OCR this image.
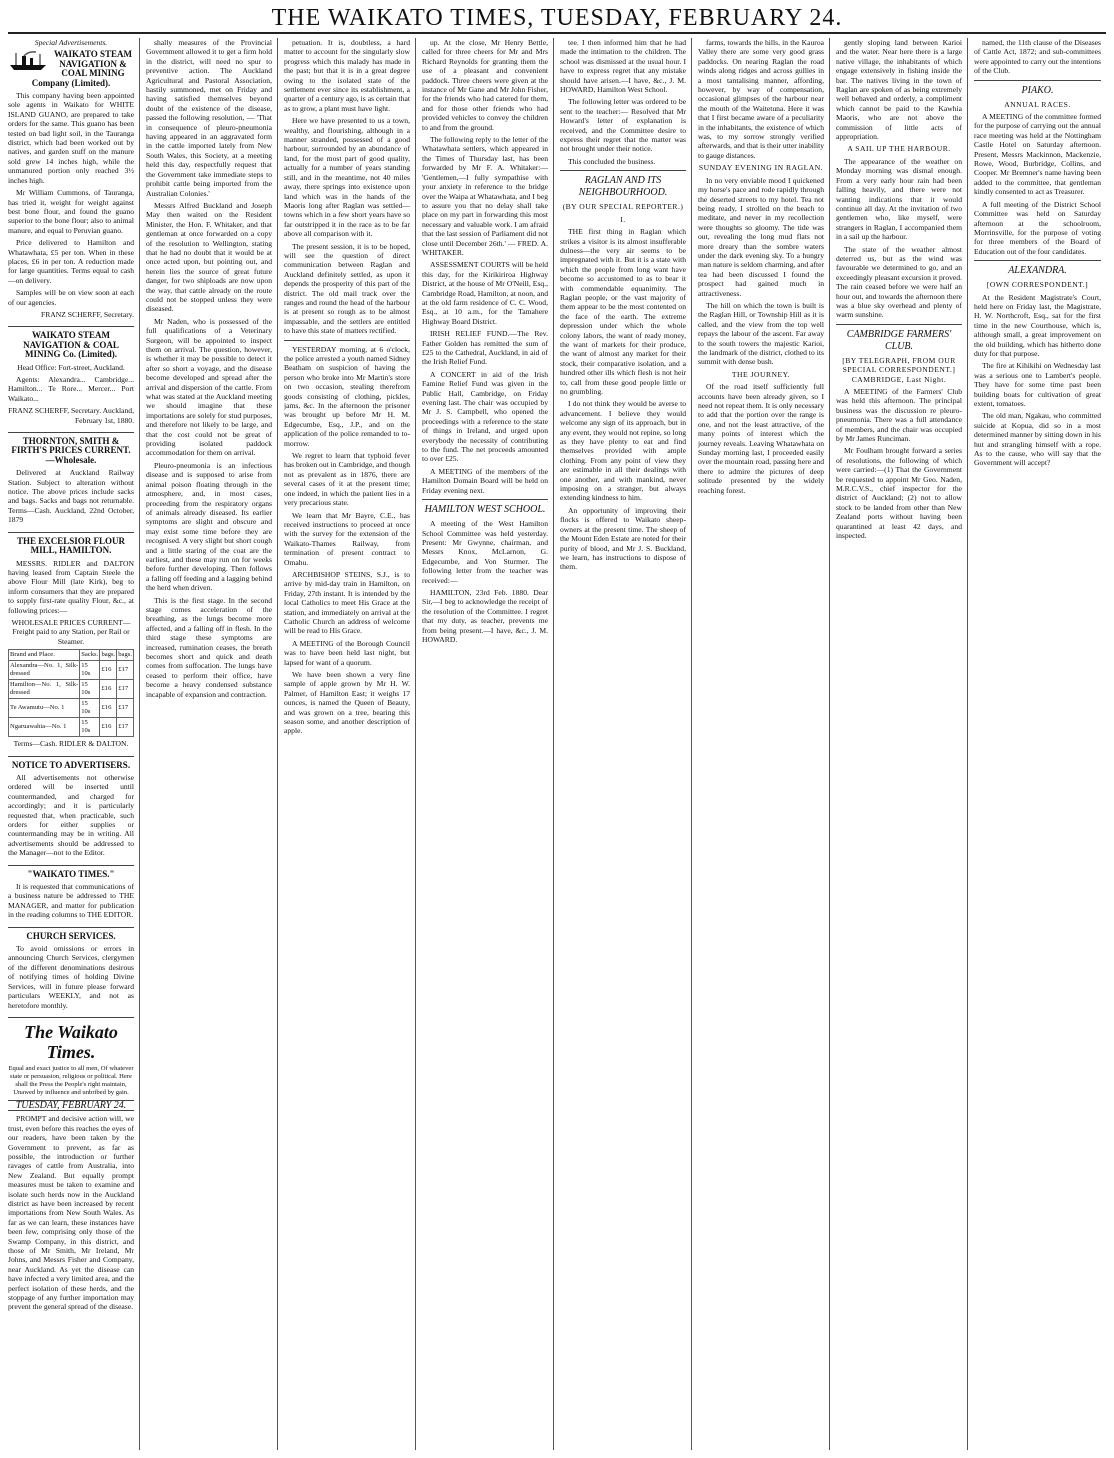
THE WAIKATO TIMES, TUESDAY, FEBRUARY 24.
Special Advertisements.

WAIKATO STEAM NAVIGATION & COAL MINING Company (Limited).

This company having been appointed sole agents in Waikato for WHITE ISLAND GUANO, are prepared to take orders for the same. This guano has been tested on bad light soil, in the Tauranga district, which had been worked out by natives, and garden stuff on the manure sold grew 14 inches high, while the unmanured portion only reached 3½ inches high.

Mr William Cummons, of Tauranga, has tried it, weight for weight against best bone flour, and found the guano superior to the bone flour; also to animal manure, and equal to Peruvian guano.

Price delivered to Hamilton and Whatawhata, £5 per ton. When in these places, £6 in per ton. A reduction made for large quantities. Terms equal to cash—on delivery.

Samples will be on view soon at each of our agencies.

FRANZ SCHERFF, Secretary.

WAIKATO STEAM NAVIGATION & COAL MINING Co. (Limited).

Head Office: Fort-street, Auckland.

Agents: Alexandra... Cambridge... Hamilton... Te Rore... Mercer... Port Waikato...

FRANZ SCHERFF, Secretary. Auckland, February 1st, 1880.

THORNTON, SMITH & FIRTH'S PRICES CURRENT.—Wholesale.

Delivered at Auckland Railway Station. Subject to alteration without notice. The above prices include sacks and bags. Sacks and bags not returnable. Terms—Cash. Auckland, 22nd October, 1879

THE EXCELSIOR FLOUR MILL, HAMILTON.

MESSRS. RIDLER and DALTON having leased from Captain Steele the above Flour Mill (late Kirk), beg to inform consumers that they are prepared to supply first-rate quality Flour, &c., at following prices:—

WHOLESALE PRICES CURRENT—Freight paid to any Station, per Rail or Steamer.

Brand and Place.	Sacks.	bags.	bags.
Alexandra—No. 1, Silk-dressed	15 10s	£16	£17
Hamilton—No. 1, Silk-dressed	15 10s	£16	£17
Te Awamutu—No. 1	15 10s	£16	£17
Ngaruawahia—No. 1	15 10s	£16	£17

Terms—Cash. RIDLER & DALTON.

NOTICE TO ADVERTISERS.

All advertisements not otherwise ordered will be inserted until countermanded, and charged for accordingly; and it is particularly requested that, when practicable, such orders for either supplies or countermanding may be in writing. All advertisements should be addressed to the Manager—not to the Editor.

"WAIKATO TIMES."

It is requested that communications of a business nature be addressed to THE MANAGER, and matter for publication in the reading columns to THE EDITOR.

CHURCH SERVICES.

To avoid omissions or errors in announcing Church Services, clergymen of the different denominations desirous of notifying times of holding Divine Services, will in future please forward particulars WEEKLY, and not as heretofore monthly.

The Waikato Times.

Equal and exact justice to all men, Of whatever state or persuasion, religious or political. Here shall the Press the People's right maintain, Unawed by influence and unbribed by gain.

TUESDAY, FEBRUARY 24.

PROMPT and decisive action will, we trust, even before this reaches the eyes of our readers, have been taken by the Government to prevent, as far as possible, the introduction or further ravages of cattle from Australia, into New Zealand. But equally prompt measures must be taken to examine and isolate such herds now in the Auckland district as have been increased by recent importations from New South Wales. As far as we can learn, these instances have been few, comprising only those of the Swamp Company, in this district, and those of Mr Smith, Mr Ireland, Mr Johns, and Messrs Fisher and Company, near Auckland. As yet the disease can have infected a very limited area, and the perfect isolation of these herds, and the stoppage of any further importation may prevent the general spread of the disease.

shally measures of the Provincial Government allowed it to get a firm hold in the district, will need no spur to preventive action. The Auckland Agricultural and Pastoral Association, hastily summoned, met on Friday and having satisfied themselves beyond doubt of the existence of the disease, passed the following resolution, — 'That in consequence of pleuro-pneumonia having appeared in an aggravated form in the cattle imported lately from New South Wales, this Society, at a meeting held this day, respectfully request that the Government take immediate steps to prohibit cattle being imported from the Australian Colonies.'

Messrs Alfred Buckland and Joseph May then waited on the Resident Minister, the Hon. F. Whitaker, and that gentleman at once forwarded on a copy of the resolution to Wellington, stating that he had no doubt that it would be at once acted upon, but pointing out, and herein lies the source of great future danger, for two shiploads are now upon the way, that cattle already on the route could not be stopped unless they were diseased.

Mr Naden, who is possessed of the full qualifications of a Veterinary Surgeon, will be appointed to inspect them on arrival. The question, however, is whether it may be possible to detect it after so short a voyage, and the disease become developed and spread after the arrival and dispersion of the cattle. From what was stated at the Auckland meeting we should imagine that these importations are solely for stud purposes, and therefore not likely to be large, and that the cost could not be great of providing isolated paddock accommodation for them on arrival.

Pleuro-pneumonia is an infectious disease and is supposed to arise from animal poison floating through in the atmosphere, and, in most cases, proceeding from the respiratory organs of animals already diseased. Its earlier symptoms are slight and obscure and may exist some time before they are recognised. A very slight but short cough and a little staring of the coat are the earliest, and these may run on for weeks before further developing. Then follows a falling off feeding and a lagging behind the herd when driven.

This is the first stage. In the second stage comes acceleration of the breathing, as the lungs become more affected, and a falling off in flesh. In the third stage these symptoms are increased, rumination ceases, the breath becomes short and quick and death comes from suffocation. The lungs have ceased to perform their office, have become a heavy condensed substance incapable of expansion and contraction.

petuation. It is, doubtless, a hard matter to account for the singularly slow progress which this malady has made in the past; but that it is in a great degree owing to the isolated state of the settlement ever since its establishment, a quarter of a century ago, is as certain that as to grow, a plant must have light.

Here we have presented to us a town, wealthy, and flourishing, although in a manner stranded, possessed of a good harbour, surrounded by an abundance of land, for the most part of good quality, actually for a number of years standing still, and in the meantime, not 40 miles away, there springs into existence upon land which was in the hands of the Maoris long after Raglan was settled—towns which in a few short years have so far outstripped it in the race as to be far above all comparison with it.

The present session, it is to be hoped, will see the question of direct communication between Raglan and Auckland definitely settled, as upon it depends the prosperity of this part of the district. The old mail track over the ranges and round the head of the harbour is at present so rough as to be almost impassable, and the settlers are entitled to have this state of matters rectified.

YESTERDAY morning, at 6 o'clock, the police arrested a youth named Sidney Beatham on suspicion of having the person who broke into Mr Martin's store on two occasion, stealing therefrom goods consisting of clothing, pickles, jams, &c. In the afternoon the prisoner was brought up before Mr H. M. Edgecumbe, Esq., J.P., and on the application of the police remanded to to-morrow.

We regret to learn that typhoid fever has broken out in Cambridge, and though not as prevalent as in 1876, there are several cases of it at the present time; one indeed, in which the patient lies in a very precarious state.

We learn that Mr Bayre, C.E., has received instructions to proceed at once with the survey for the extension of the Waikato-Thames Railway, from termination of present contract to Omahu.

ARCHBISHOP STEINS, S.J., is to arrive by mid-day train in Hamilton, on Friday, 27th instant. It is intended by the local Catholics to meet His Grace at the station, and immediately on arrival at the Catholic Church an address of welcome will be read to His Grace.

A MEETING of the Borough Council was to have been held last night, but lapsed for want of a quorum.

We have been shown a very fine sample of apple grown by Mr H. W. Palmer, of Hamilton East; it weighs 17 ounces, is named the Queen of Beauty, and was grown on a tree, bearing this season some, and another description of apple.

up. At the close, Mr Henry Bettle, called for three cheers for Mr and Mrs Richard Reynolds for granting them the use of a pleasant and convenient paddock. Three cheers were given at the instance of Mr Gane and Mr John Fisher, for the friends who had catered for them, and for those other friends who had provided vehicles to convey the children to and from the ground.

The following reply to the letter of the Whatawhata settlers, which appeared in the Times of Thursday last, has been forwarded by Mr F. A. Whitaker:— 'Gentlemen,—I fully sympathise with your anxiety in reference to the bridge over the Waipa at Whatawhata, and I beg to assure you that no delay shall take place on my part in forwarding this most necessary and valuable work. I am afraid that the last session of Parliament did not close until December 26th.' — FRED. A. WHITAKER.

ASSESSMENT COURTS will be held this day, for the Kirikiriroa Highway District, at the house of Mr O'Neill, Esq., Cambridge Road, Hamilton, at noon, and at the old farm residence of C. C. Wood, Esq., at 10 a.m., for the Tamahere Highway Board District.

IRISH RELIEF FUND.—The Rev. Father Golden has remitted the sum of £25 to the Cathedral, Auckland, in aid of the Irish Relief Fund.

A CONCERT in aid of the Irish Famine Relief Fund was given in the Public Hall, Cambridge, on Friday evening last. The chair was occupied by Mr J. S. Campbell, who opened the proceedings with a reference to the state of things in Ireland, and urged upon everybody the necessity of contributing to the fund. The net proceeds amounted to over £25.

A MEETING of the members of the Hamilton Domain Board will be held on Friday evening next.

HAMILTON WEST SCHOOL.

A meeting of the West Hamilton School Committee was held yesterday. Present: Mr Gwynne, chairman, and Messrs Knox, McLarnon, G. Edgecumbe, and Von Sturmer. The following letter from the teacher was received:—

HAMILTON, 23rd Feb. 1880. Dear Sir,—I beg to acknowledge the receipt of the resolution of the Committee. I regret that my duty, as teacher, prevents me from being present.—I have, &c., J. M. HOWARD.

tee. I then informed him that he had made the intimation to the children. The school was dismissed at the usual hour. I have to express regret that any mistake should have arisen.—I have, &c., J. M. HOWARD, Hamilton West School.

The following letter was ordered to be sent to the teacher:— Resolved that Mr Howard's letter of explanation is received, and the Committee desire to express their regret that the matter was not brought under their notice.

This concluded the business.

RAGLAN AND ITS NEIGHBOURHOOD.

(BY OUR SPECIAL REPORTER.)

I.

THE first thing in Raglan which strikes a visitor is its almost insufferable dulness—the very air seems to be impregnated with it. But it is a state with which the people from long want have become so accustomed to as to bear it with commendable equanimity. The Raglan people, or the vast majority of them appear to be the most contented on the face of the earth. The extreme depression under which the whole colony labors, the want of ready money, the want of markets for their produce, the want of almost any market for their stock, their comparative isolation, and a hundred other ills which flesh is not heir to, call from these good people little or no grumbling.

I do not think they would be averse to advancement. I believe they would welcome any sign of its approach, but in any event, they would not repine, so long as they have plenty to eat and find themselves provided with ample clothing. From any point of view they are estimable in all their dealings with one another, and with mankind, never imposing on a stranger, but always extending kindness to him.

An opportunity of improving their flocks is offered to Waikato sheep-owners at the present time. The sheep of the Mount Eden Estate are noted for their purity of blood, and Mr J. S. Buckland, we learn, has instructions to dispose of them.

farms, towards the hills, in the Kauroa Valley there are some very good grass paddocks. On nearing Raglan the road winds along ridges and across gullies in a most tantalising manner, affording, however, by way of compensation, occasional glimpses of the harbour near the mouth of the Waitetuna. Here it was that I first became aware of a peculiarity in the inhabitants, the existence of which was, to my sorrow strongly verified afterwards, and that is their utter inability to gauge distances.

SUNDAY EVENING IN RAGLAN.

In no very enviable mood I quickened my horse's pace and rode rapidly through the deserted streets to my hotel. Tea not being ready, I strolled on the beach to meditate, and never in my recollection were thoughts so gloomy. The tide was out, revealing the long mud flats not more dreary than the sombre waters under the dark evening sky. To a hungry man nature is seldom charming, and after tea had been discussed I found the prospect had gained much in attractiveness.

The hill on which the town is built is the Raglan Hill, or Township Hill as it is called, and the view from the top well repays the labour of the ascent. Far away to the south towers the majestic Karioi, the landmark of the district, clothed to its summit with dense bush.

THE JOURNEY.

Of the road itself sufficiently full accounts have been already given, so I need not repeat them. It is only necessary to add that the portion over the range is one, and not the least attractive, of the many points of interest which the journey reveals. Leaving Whatawhata on Sunday morning last, I proceeded easily over the mountain road, passing here and there to admire the pictures of deep solitude presented by the widely reaching forest.

gently sloping land between Karioi and the water. Near here there is a large native village, the inhabitants of which engage extensively in fishing inside the bar. The natives living in the town of Raglan are spoken of as being extremely well behaved and orderly, a compliment which cannot be paid to the Kawhia Maoris, who are not above the commission of little acts of appropriation.

A SAIL UP THE HARBOUR.

The appearance of the weather on Monday morning was dismal enough. From a very early hour rain had been falling heavily, and there were not wanting indications that it would continue all day. At the invitation of two gentlemen who, like myself, were strangers in Raglan, I accompanied them in a sail up the harbour.

The state of the weather almost deterred us, but as the wind was favourable we determined to go, and an exceedingly pleasant excursion it proved. The rain ceased before we were half an hour out, and towards the afternoon there was a blue sky overhead and plenty of warm sunshine.

CAMBRIDGE FARMERS' CLUB.

[BY TELEGRAPH, FROM OUR SPECIAL CORRESPONDENT.] CAMBRIDGE, Last Night.

A MEETING of the Farmers' Club was held this afternoon. The principal business was the discussion re pleuro-pneumonia. There was a full attendance of members, and the chair was occupied by Mr James Runciman.

Mr Foulham brought forward a series of resolutions, the following of which were carried:—(1) That the Government be requested to appoint Mr Geo. Naden, M.R.C.V.S., chief inspector for the district of Auckland; (2) not to allow stock to be landed from other than New Zealand ports without having been quarantined at least 42 days, and inspected.

named, the 11th clause of the Diseases of Cattle Act, 1872; and sub-committees were appointed to carry out the intentions of the Club.

PIAKO.

ANNUAL RACES.

A MEETING of the committee formed for the purpose of carrying out the annual race meeting was held at the Nottingham Castle Hotel on Saturday afternoon. Present, Messrs Mackinnon, Mackenzie, Rowe, Wood, Burbridge, Collins, and Cooper. Mr Bremner's name having been added to the committee, that gentleman kindly consented to act as Treasurer.

A full meeting of the District School Committee was held on Saturday afternoon at the schoolroom, Morrinsville, for the purpose of voting for three members of the Board of Education out of the four candidates.

ALEXANDRA.

[OWN CORRESPONDENT.]

At the Resident Magistrate's Court, held here on Friday last, the Magistrate, H. W. Northcroft, Esq., sat for the first time in the new Courthouse, which is, although small, a great improvement on the old building, which has hitherto done duty for that purpose.

The fire at Kihikihi on Wednesday last was a serious one to Lambert's people. They have for some time past been building boats for cultivation of great extent, tomatoes.

The old man, Ngakau, who committed suicide at Kopua, did so in a most determined manner by sitting down in his hut and strangling himself with a rope. As to the cause, who will say that the Government will accept?
